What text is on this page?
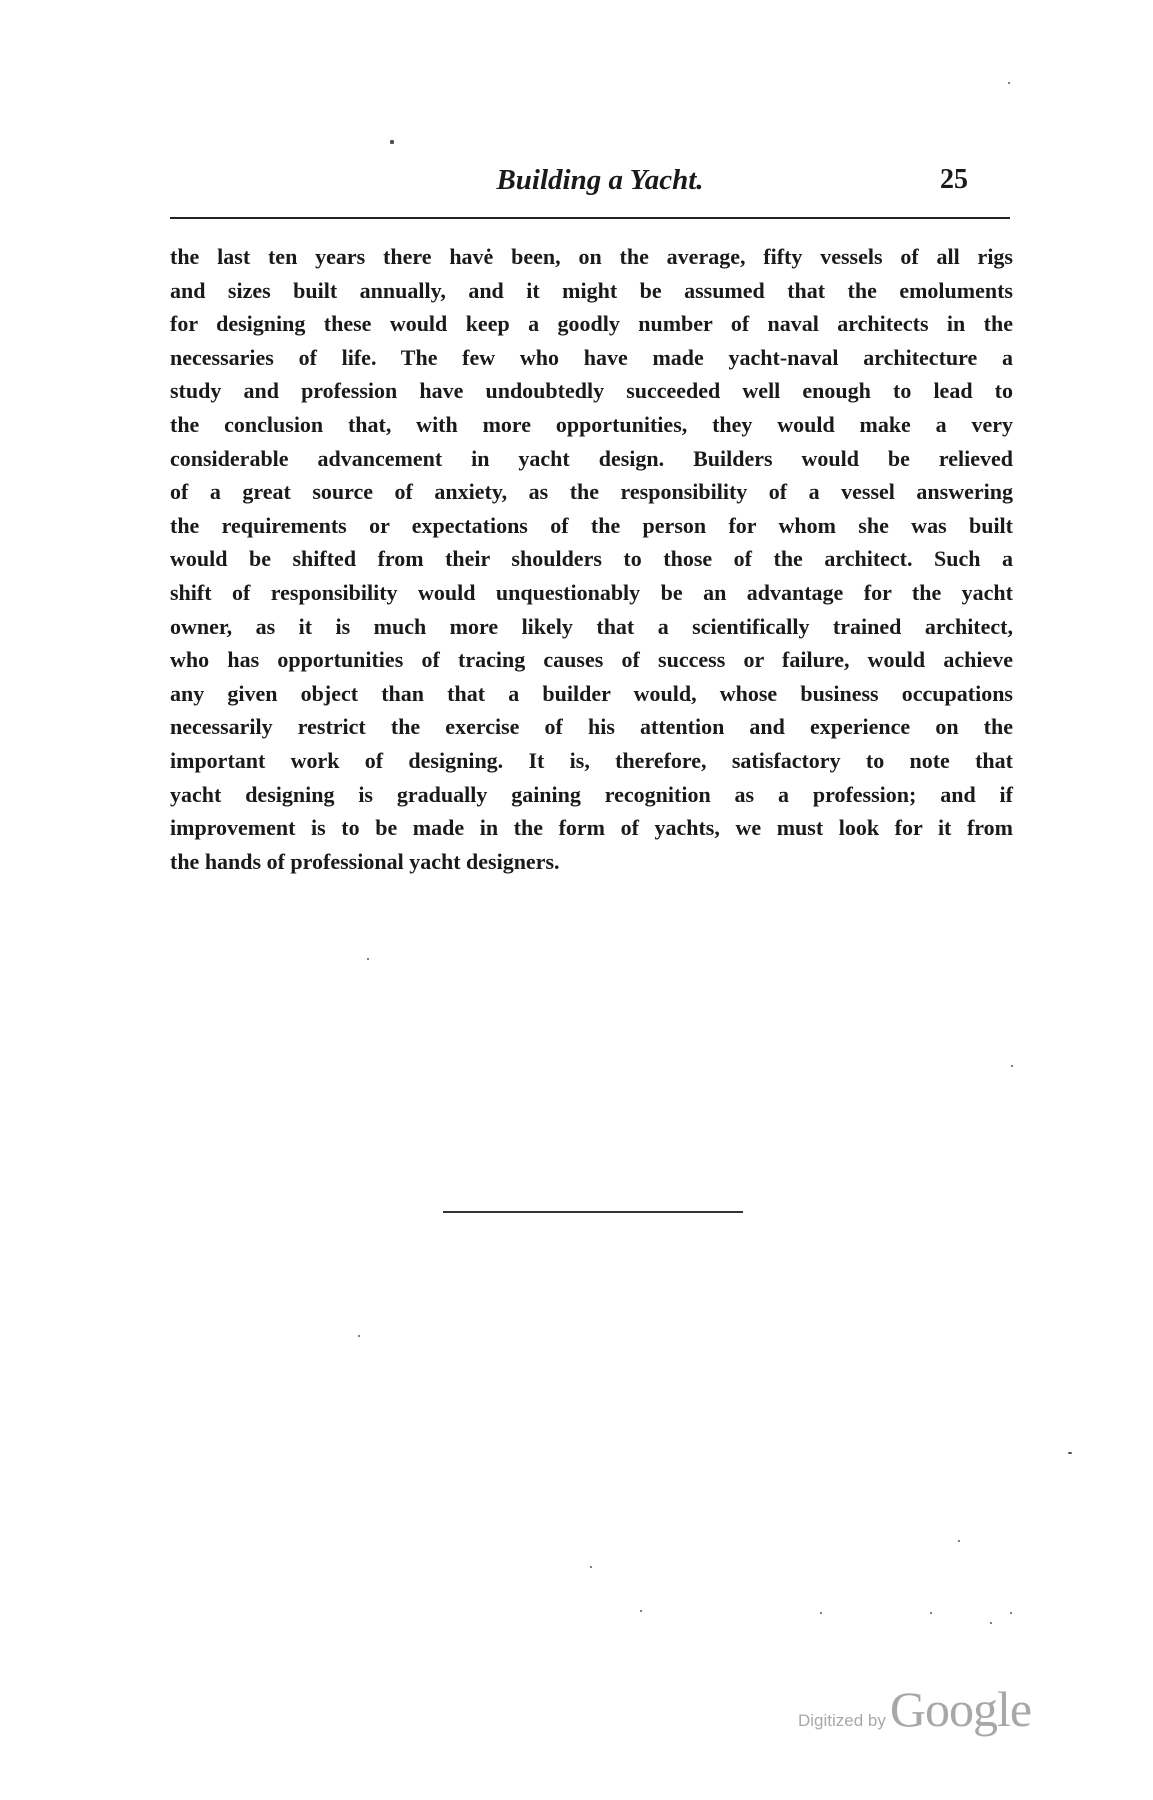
Building a Yacht.	25
the last ten years there havė been, on the average, fifty vessels of all rigs
and sizes built annually, and it might be assumed that the emoluments
for designing these would keep a goodly number of naval architects in the
necessaries of life. The few who have made yacht-naval architecture a
study and profession have undoubtedly succeeded well enough to lead to
the conclusion that, with more opportunities, they would make a very
considerable advancement in yacht design. Builders would be relieved
of a great source of anxiety, as the responsibility of a vessel answering
the requirements or expectations of the person for whom she was built
would be shifted from their shoulders to those of the architect. Such a
shift of responsibility would unquestionably be an advantage for the yacht
owner, as it is much more likely that a scientifically trained architect,
who has opportunities of tracing causes of success or failure, would achieve
any given object than that a builder would, whose business occupations
necessarily restrict the exercise of his attention and experience on the
important work of designing. It is, therefore, satisfactory to note that
yacht designing is gradually gaining recognition as a profession; and if
improvement is to be made in the form of yachts, we must look for it from
the hands of professional yacht designers.
Digitized by Google
